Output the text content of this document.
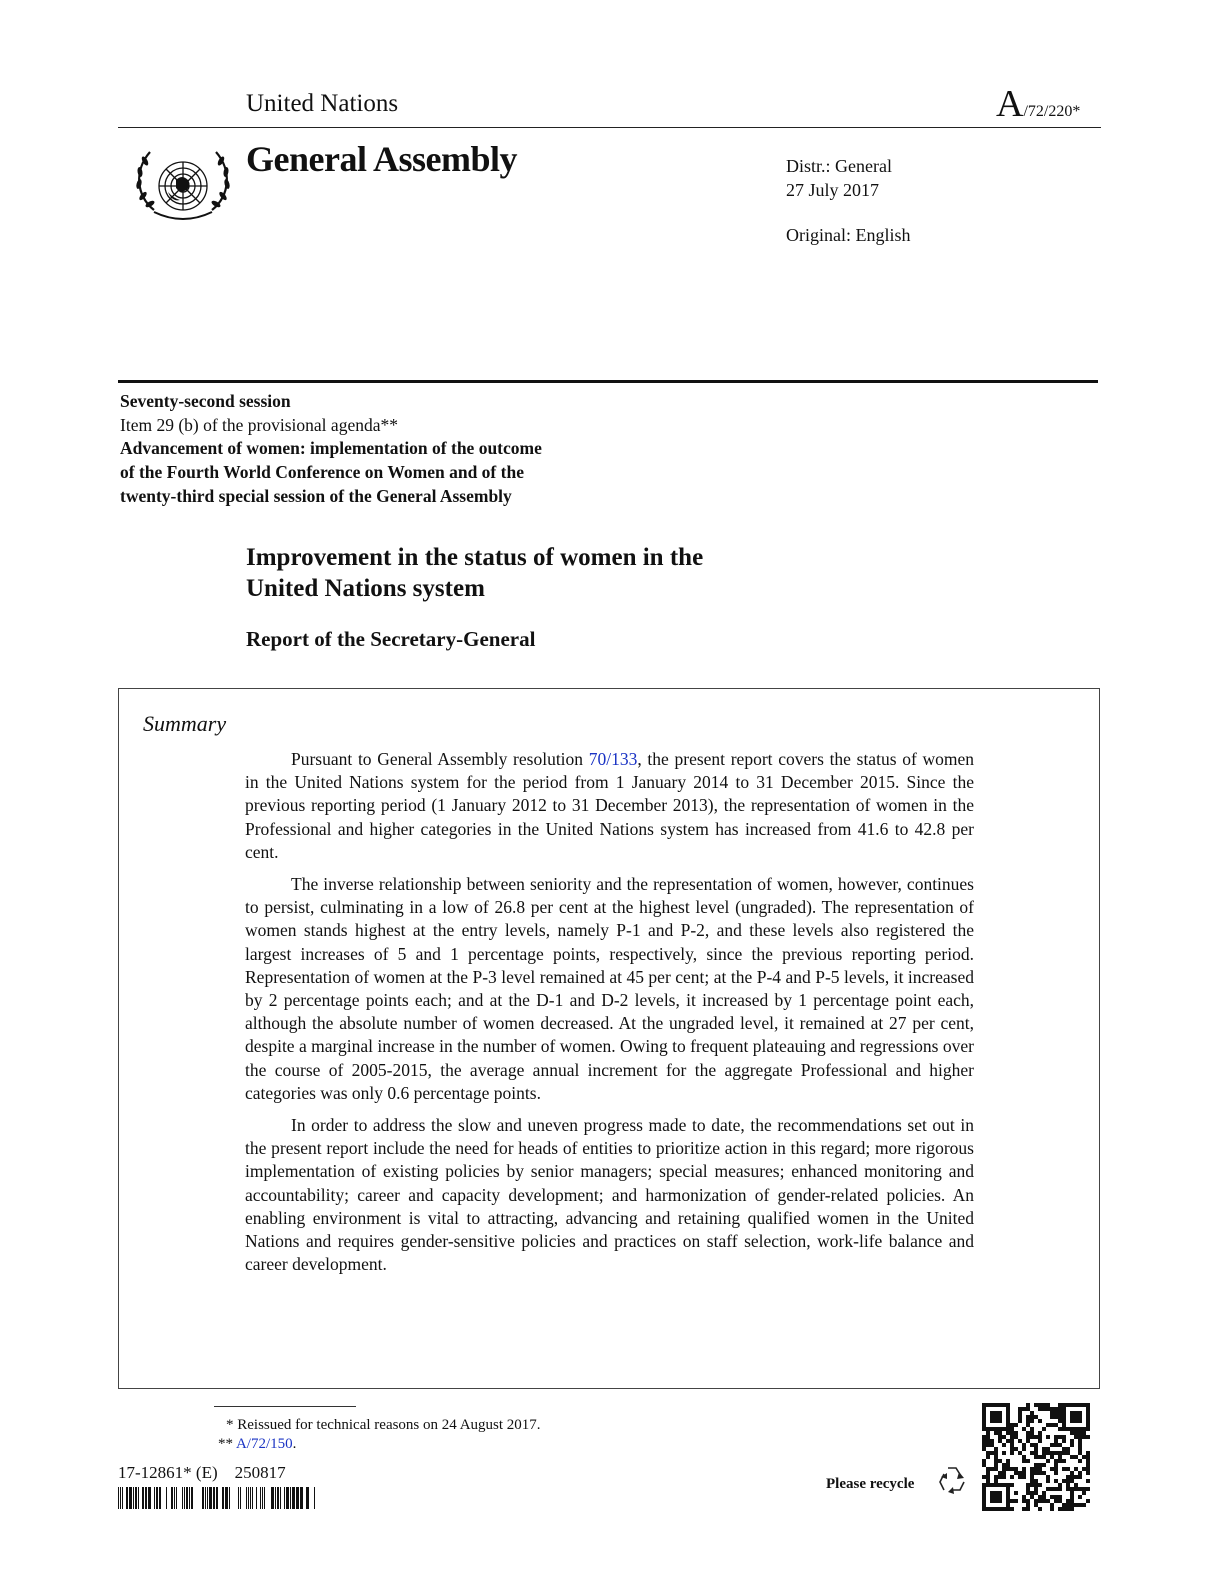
United Nations	A/72/220*
General Assembly	Distr.: General
27 July 2017
Original: English
Seventy-second session
Item 29 (b) of the provisional agenda**
Advancement of women: implementation of the outcome
of the Fourth World Conference on Women and of the
twenty-third special session of the General Assembly
Improvement in the status of women in the
United Nations system
Report of the Secretary-General
Summary

Pursuant to General Assembly resolution 70/133, the present report covers the status of women in the United Nations system for the period from 1 January 2014 to 31 December 2015. Since the previous reporting period (1 January 2012 to 31 December 2013), the representation of women in the Professional and higher categories in the United Nations system has increased from 41.6 to 42.8 per cent.

The inverse relationship between seniority and the representation of women, however, continues to persist, culminating in a low of 26.8 per cent at the highest level (ungraded). The representation of women stands highest at the entry levels, namely P-1 and P-2, and these levels also registered the largest increases of 5 and 1 percentage points, respectively, since the previous reporting period. Representation of women at the P-3 level remained at 45 per cent; at the P-4 and P-5 levels, it increased by 2 percentage points each; and at the D-1 and D-2 levels, it increased by 1 percentage point each, although the absolute number of women decreased. At the ungraded level, it remained at 27 per cent, despite a marginal increase in the number of women. Owing to frequent plateauing and regressions over the course of 2005-2015, the average annual increment for the aggregate Professional and higher categories was only 0.6 percentage points.

In order to address the slow and uneven progress made to date, the recommendations set out in the present report include the need for heads of entities to prioritize action in this regard; more rigorous implementation of existing policies by senior managers; special measures; enhanced monitoring and accountability; career and capacity development; and harmonization of gender-related policies. An enabling environment is vital to attracting, advancing and retaining qualified women in the United Nations and requires gender-sensitive policies and practices on staff selection, work-life balance and career development.

* Reissued for technical reasons on 24 August 2017.
** A/72/150.
17-12861* (E) 250817
Please recycle
